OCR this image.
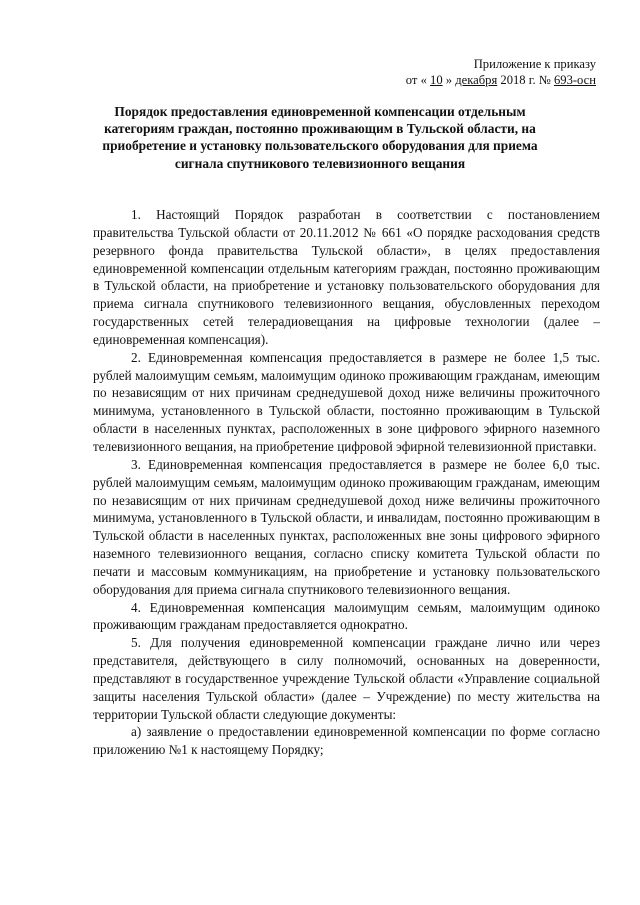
Приложение к приказу
от « 10 » декабря 2018 г. № 693-осн
Порядок предоставления единовременной компенсации отдельным категориям граждан, постоянно проживающим в Тульской области, на приобретение и установку пользовательского оборудования для приема сигнала спутникового телевизионного вещания

1. Настоящий Порядок разработан в соответствии с постановлением правительства Тульской области от 20.11.2012 № 661 «О порядке расходования средств резервного фонда правительства Тульской области», в целях предоставления единовременной компенсации отдельным категориям граждан, постоянно проживающим в Тульской области, на приобретение и установку пользовательского оборудования для приема сигнала спутникового телевизионного вещания, обусловленных переходом государственных сетей телерадиовещания на цифровые технологии (далее – единовременная компенсация).

2. Единовременная компенсация предоставляется в размере не более 1,5 тыс. рублей малоимущим семьям, малоимущим одиноко проживающим гражданам, имеющим по независящим от них причинам среднедушевой доход ниже величины прожиточного минимума, установленного в Тульской области, постоянно проживающим в Тульской области в населенных пунктах, расположенных в зоне цифрового эфирного наземного телевизионного вещания, на приобретение цифровой эфирной телевизионной приставки.

3. Единовременная компенсация предоставляется в размере не более 6,0 тыс. рублей малоимущим семьям, малоимущим одиноко проживающим гражданам, имеющим по независящим от них причинам среднедушевой доход ниже величины прожиточного минимума, установленного в Тульской области, и инвалидам, постоянно проживающим в Тульской области в населенных пунктах, расположенных вне зоны цифрового эфирного наземного телевизионного вещания, согласно списку комитета Тульской области по печати и массовым коммуникациям, на приобретение и установку пользовательского оборудования для приема сигнала спутникового телевизионного вещания.

4. Единовременная компенсация малоимущим семьям, малоимущим одиноко проживающим гражданам предоставляется однократно.

5. Для получения единовременной компенсации граждане лично или через представителя, действующего в силу полномочий, основанных на доверенности, представляют в государственное учреждение Тульской области «Управление социальной защиты населения Тульской области» (далее – Учреждение) по месту жительства на территории Тульской области следующие документы:

а) заявление о предоставлении единовременной компенсации по форме согласно приложению №1 к настоящему Порядку;
